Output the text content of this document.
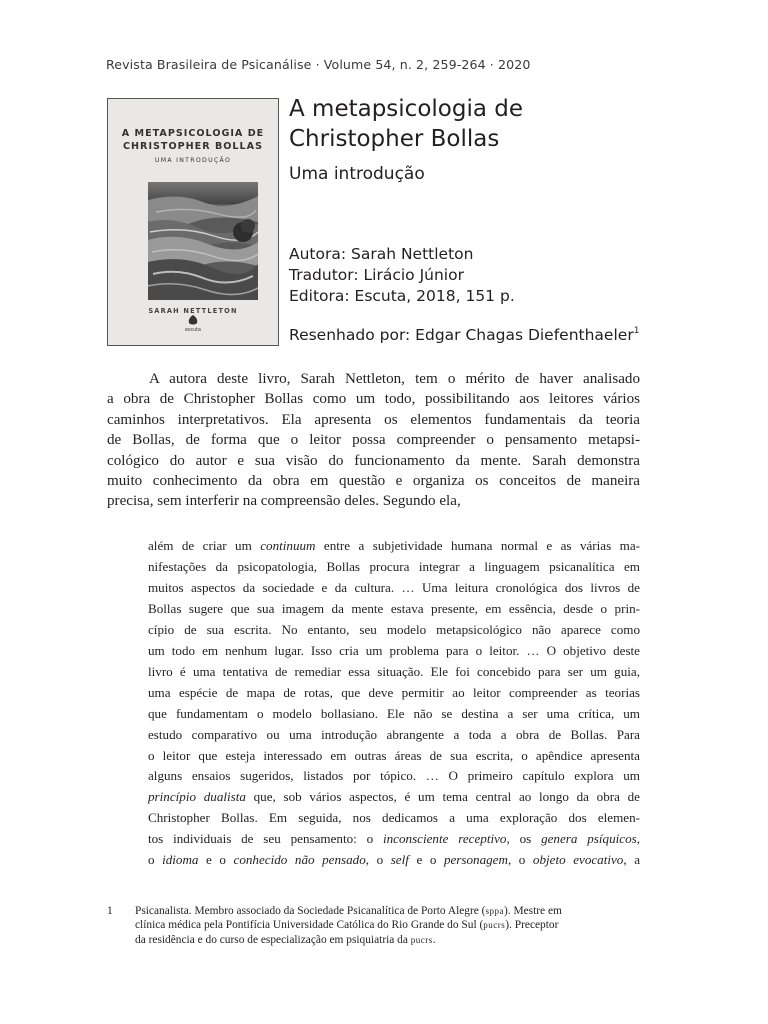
Revista Brasileira de Psicanálise · Volume 54, n. 2, 259-264 · 2020
A METAPSICOLOGIA DE
CHRISTOPHER BOLLAS
UMA INTRODUÇÃO
SARAH NETTLETON
escuta
A metapsicologia de
Christopher Bollas
Uma introdução
Autora: Sarah Nettleton
Tradutor: Lirácio Júnior
Editora: Escuta, 2018, 151 p.
Resenhado por: Edgar Chagas Diefenthaeler$^1$
A autora deste livro, Sarah Nettleton, tem o mérito de haver analisado
a obra de Christopher Bollas como um todo, possibilitando aos leitores vários
caminhos interpretativos. Ela apresenta os elementos fundamentais da teoria
de Bollas, de forma que o leitor possa compreender o pensamento metapsi-
cológico do autor e sua visão do funcionamento da mente. Sarah demonstra
muito conhecimento da obra em questão e organiza os conceitos de maneira
precisa, sem interferir na compreensão deles. Segundo ela,
além de criar um continuum entre a subjetividade humana normal e as várias ma-
nifestações da psicopatologia, Bollas procura integrar a linguagem psicanalítica em
muitos aspectos da sociedade e da cultura. … Uma leitura cronológica dos livros de
Bollas sugere que sua imagem da mente estava presente, em essência, desde o prin-
cípio de sua escrita. No entanto, seu modelo metapsicológico não aparece como
um todo em nenhum lugar. Isso cria um problema para o leitor. … O objetivo deste
livro é uma tentativa de remediar essa situação. Ele foi concebido para ser um guia,
uma espécie de mapa de rotas, que deve permitir ao leitor compreender as teorias
que fundamentam o modelo bollasiano. Ele não se destina a ser uma crítica, um
estudo comparativo ou uma introdução abrangente a toda a obra de Bollas. Para
o leitor que esteja interessado em outras áreas de sua escrita, o apêndice apresenta
alguns ensaios sugeridos, listados por tópico. … O primeiro capítulo explora um
princípio dualista que, sob vários aspectos, é um tema central ao longo da obra de
Christopher Bollas. Em seguida, nos dedicamos a uma exploração dos elemen-
tos individuais de seu pensamento: o inconsciente receptivo, os genera psíquicos,
o idioma e o conhecido não pensado, o self e o personagem, o objeto evocativo, a
1 Psicanalista. Membro associado da Sociedade Psicanalítica de Porto Alegre (sppa). Mestre em
clínica médica pela Pontifícia Universidade Católica do Rio Grande do Sul (pucrs). Preceptor
da residência e do curso de especialização em psiquiatria da pucrs.
